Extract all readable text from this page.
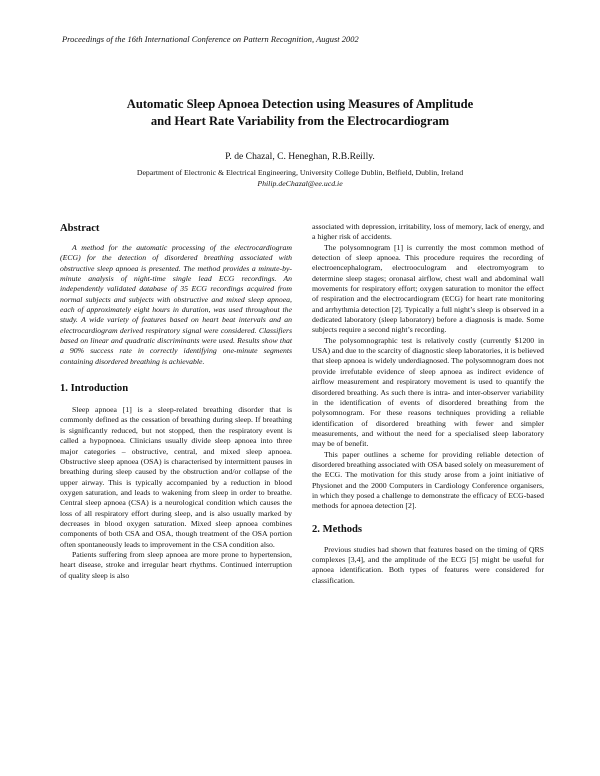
Proceedings of the 16th International Conference on Pattern Recognition, August 2002
Automatic Sleep Apnoea Detection using Measures of Amplitude
and Heart Rate Variability from the Electrocardiogram
P. de Chazal, C. Heneghan, R.B.Reilly.
Department of Electronic & Electrical Engineering, University College Dublin, Belfield, Dublin, Ireland
Philip.deChazal@ee.ucd.ie
Abstract

A method for the automatic processing of the electrocardiogram (ECG) for the detection of disordered breathing associated with obstructive sleep apnoea is presented. The method provides a minute-by-minute analysis of night-time single lead ECG recordings. An independently validated database of 35 ECG recordings acquired from normal subjects and subjects with obstructive and mixed sleep apnoea, each of approximately eight hours in duration, was used throughout the study. A wide variety of features based on heart beat intervals and an electrocardiogram derived respiratory signal were considered. Classifiers based on linear and quadratic discriminants were used. Results show that a 90% success rate in correctly identifying one-minute segments containing disordered breathing is achievable.

1. Introduction

Sleep apnoea [1] is a sleep-related breathing disorder that is commonly defined as the cessation of breathing during sleep. If breathing is significantly reduced, but not stopped, then the respiratory event is called a hypopnoea. Clinicians usually divide sleep apnoea into three major categories – obstructive, central, and mixed sleep apnoea. Obstructive sleep apnoea (OSA) is characterised by intermittent pauses in breathing during sleep caused by the obstruction and/or collapse of the upper airway. This is typically accompanied by a reduction in blood oxygen saturation, and leads to wakening from sleep in order to breathe. Central sleep apnoea (CSA) is a neurological condition which causes the loss of all respiratory effort during sleep, and is also usually marked by decreases in blood oxygen saturation. Mixed sleep apnoea combines components of both CSA and OSA, though treatment of the OSA portion often spontaneously leads to improvement in the CSA condition also.

Patients suffering from sleep apnoea are more prone to hypertension, heart disease, stroke and irregular heart rhythms. Continued interruption of quality sleep is also

associated with depression, irritability, loss of memory, lack of energy, and a higher risk of accidents.

The polysomnogram [1] is currently the most common method of detection of sleep apnoea. This procedure requires the recording of electroencephalogram, electrooculogram and electromyogram to determine sleep stages; oronasal airflow, chest wall and abdominal wall movements for respiratory effort; oxygen saturation to monitor the effect of respiration and the electrocardiogram (ECG) for heart rate monitoring and arrhythmia detection [2]. Typically a full night’s sleep is observed in a dedicated laboratory (sleep laboratory) before a diagnosis is made. Some subjects require a second night’s recording.

The polysomnographic test is relatively costly (currently $1200 in USA) and due to the scarcity of diagnostic sleep laboratories, it is believed that sleep apnoea is widely underdiagnosed. The polysomnogram does not provide irrefutable evidence of sleep apnoea as indirect evidence of airflow measurement and respiratory movement is used to quantify the disordered breathing. As such there is intra- and inter-observer variability in the identification of events of disordered breathing from the polysomnogram. For these reasons techniques providing a reliable identification of disordered breathing with fewer and simpler measurements, and without the need for a specialised sleep laboratory may be of benefit.

This paper outlines a scheme for providing reliable detection of disordered breathing associated with OSA based solely on measurement of the ECG. The motivation for this study arose from a joint initiative of Physionet and the 2000 Computers in Cardiology Conference organisers, in which they posed a challenge to demonstrate the efficacy of ECG-based methods for apnoea detection [2].

2. Methods

Previous studies had shown that features based on the timing of QRS complexes [3,4], and the amplitude of the ECG [5] might be useful for apnoea identification. Both types of features were considered for classification.
